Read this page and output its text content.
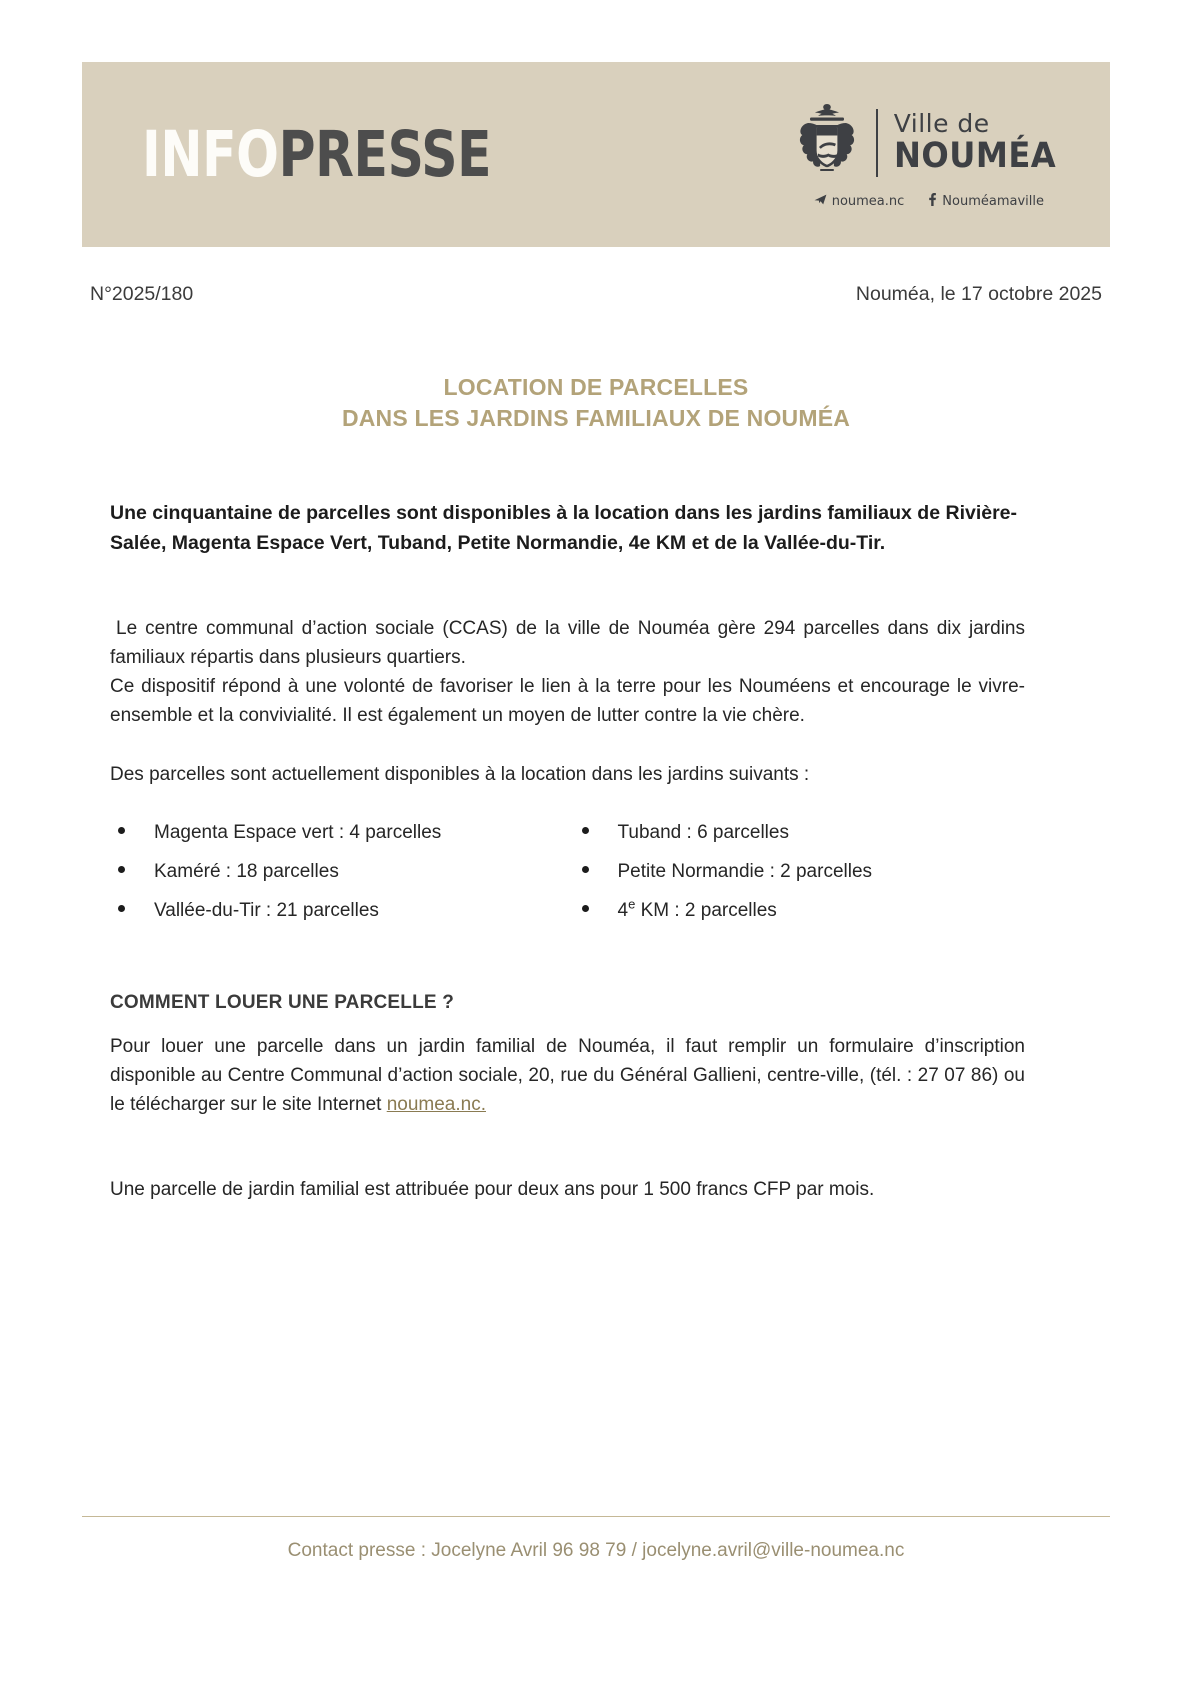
INFOPRESSE	Ville de
NOUMÉA
noumea.nc	Nouméamaville
N°2025/180	Nouméa, le 17 octobre 2025
LOCATION DE PARCELLES
DANS LES JARDINS FAMILIAUX DE NOUMÉA

Une cinquantaine de parcelles sont disponibles à la location dans les jardins familiaux de Rivière-Salée, Magenta Espace Vert, Tuband, Petite Normandie, 4e KM et de la Vallée-du-Tir.

Le centre communal d’action sociale (CCAS) de la ville de Nouméa gère 294 parcelles dans dix jardins familiaux répartis dans plusieurs quartiers.

Ce dispositif répond à une volonté de favoriser le lien à la terre pour les Nouméens et encourage le vivre-ensemble et la convivialité. Il est également un moyen de lutter contre la vie chère.

Des parcelles sont actuellement disponibles à la location dans les jardins suivants :

Magenta Espace vert : 4 parcelles
Kaméré : 18 parcelles
Vallée-du-Tir : 21 parcelles
Tuband : 6 parcelles
Petite Normandie : 2 parcelles
4e KM : 2 parcelles
COMMENT LOUER UNE PARCELLE ?

Pour louer une parcelle dans un jardin familial de Nouméa, il faut remplir un formulaire d’inscription disponible au Centre Communal d’action sociale, 20, rue du Général Gallieni, centre-ville, (tél. : 27 07 86) ou le télécharger sur le site Internet noumea.nc.

Une parcelle de jardin familial est attribuée pour deux ans pour 1 500 francs CFP par mois.

Contact presse : Jocelyne Avril 96 98 79 / jocelyne.avril@ville-noumea.nc
